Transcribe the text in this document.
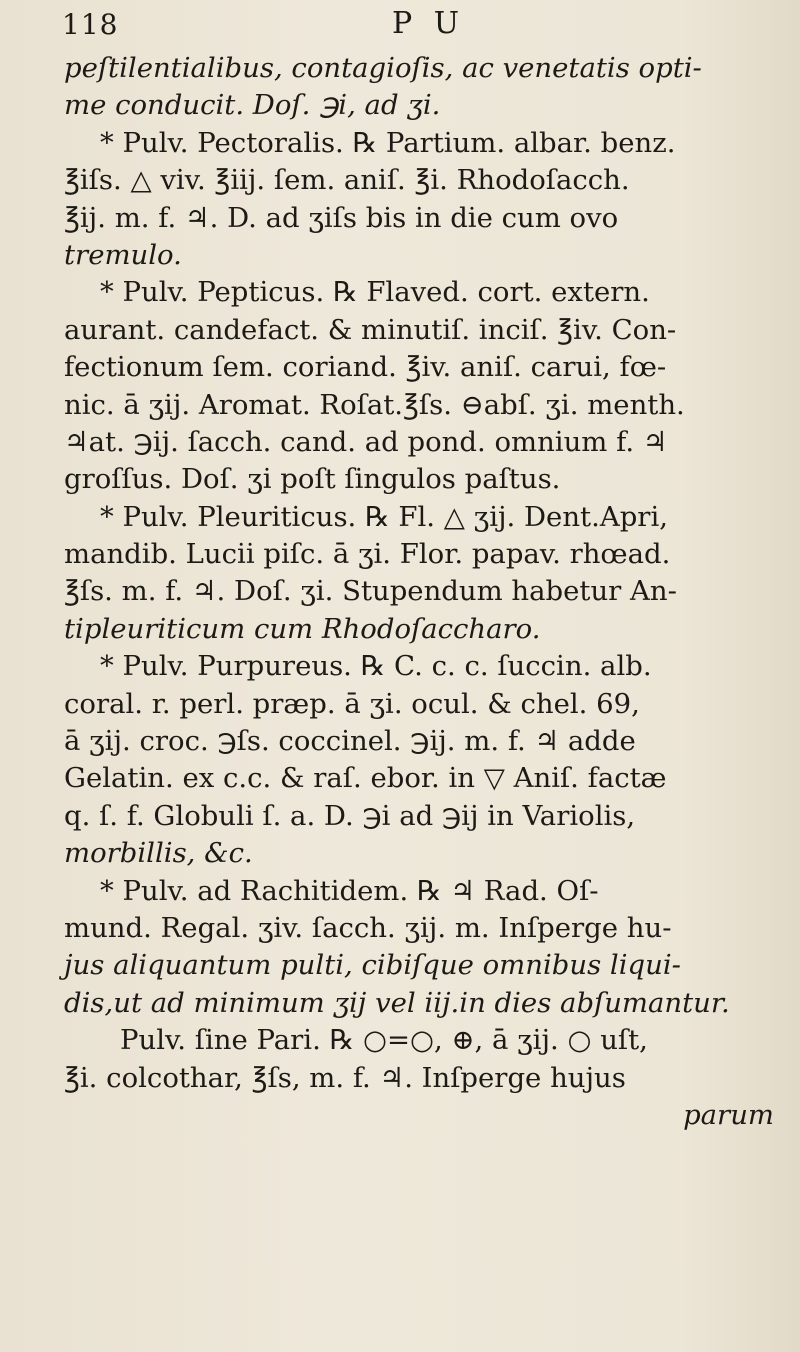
118	P U
peſtilentialibus, contagioſis, ac venetatis opti-
me conducit. Doſ. ℈i, ad ʒi.
* Pulv. Pectoralis. ℞ Partium. albar. benz.
℥iſs. △ viv. ℥iij. ſem. aniſ. ℥i. Rhodoſacch.
℥ij. m. f. ♃. D. ad ʒiſs bis in die cum ovo
tremulo.
* Pulv. Pepticus. ℞ Flaved. cort. extern.
aurant. candefact. & minutiſ. inciſ. ℥iv. Con-
fectionum ſem. coriand. ℥iv. aniſ. carui, fœ-
nic. ā ʒij. Aromat. Roſat.℥ſs. ⊖abſ. ʒi. menth.
♃at. ℈ij. ſacch. cand. ad pond. omnium f. ♃
groſſus. Doſ. ʒi poſt ſingulos paſtus.
* Pulv. Pleuriticus. ℞ Fl. △ ʒij. Dent.Apri,
mandib. Lucii piſc. ā ʒi. Flor. papav. rhœad.
℥ſs. m. f. ♃. Doſ. ʒi. Stupendum habetur An-
tipleuriticum cum Rhodoſaccharo.
* Pulv. Purpureus. ℞ C. c. c. ſuccin. alb.
coral. r. perl. præp. ā ʒi. ocul. & chel. 69,
ā ʒij. croc. ℈ſs. coccinel. ℈ij. m. f. ♃ adde
Gelatin. ex c.c. & raſ. ebor. in ▽ Aniſ. factæ
q. ſ. f. Globuli ſ. a. D. ℈i ad ℈ij in Variolis,
morbillis, &c.
* Pulv. ad Rachitidem. ℞ ♃ Rad. Oſ-
mund. Regal. ʒiv. ſacch. ʒij. m. Inſperge hu-
jus aliquantum pulti, cibiſque omnibus liqui-
dis,ut ad minimum ʒij vel iij.in dies abſumantur.
Pulv. ſine Pari. ℞ ○=○, ⊕, ā ʒij. ○ uſt,
℥i. colcothar, ℥ſs, m. f. ♃. Inſperge hujus
parum
